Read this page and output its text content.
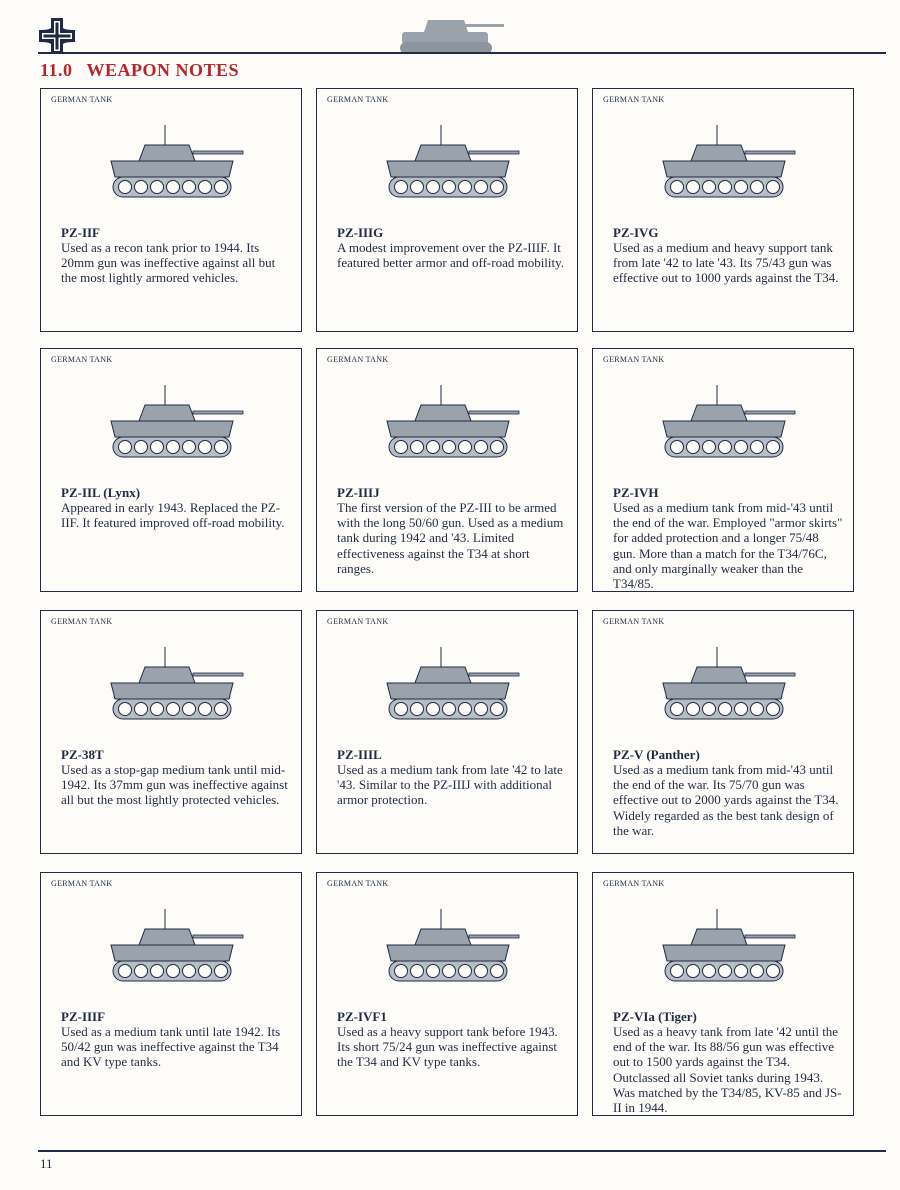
11.0 WEAPON NOTES
GERMAN TANK
PZ-IIF
Used as a recon tank prior to 1944. Its 20mm gun was ineffective against all but the most lightly armored vehicles.
GERMAN TANK
PZ-IIIG
A modest improvement over the PZ-IIIF. It featured better armor and off-road mobility.
GERMAN TANK
PZ-IVG
Used as a medium and heavy support tank from late '42 to late '43. Its 75/43 gun was effective out to 1000 yards against the T34.
GERMAN TANK
PZ-IIL (Lynx)
Appeared in early 1943. Replaced the PZ-IIF. It featured improved off-road mobility.
GERMAN TANK
PZ-IIIJ
The first version of the PZ-III to be armed with the long 50/60 gun. Used as a medium tank during 1942 and '43. Limited effectiveness against the T34 at short ranges.
GERMAN TANK
PZ-IVH
Used as a medium tank from mid-'43 until the end of the war. Employed "armor skirts" for added protection and a longer 75/48 gun. More than a match for the T34/76C, and only marginally weaker than the T34/85.
GERMAN TANK
PZ-38T
Used as a stop-gap medium tank until mid-1942. Its 37mm gun was ineffective against all but the most lightly protected vehicles.
GERMAN TANK
PZ-IIIL
Used as a medium tank from late '42 to late '43. Similar to the PZ-IIIJ with additional armor protection.
GERMAN TANK
PZ-V (Panther)
Used as a medium tank from mid-'43 until the end of the war. Its 75/70 gun was effective out to 2000 yards against the T34. Widely regarded as the best tank design of the war.
GERMAN TANK
PZ-IIIF
Used as a medium tank until late 1942. Its 50/42 gun was ineffective against the T34 and KV type tanks.
GERMAN TANK
PZ-IVF1
Used as a heavy support tank before 1943. Its short 75/24 gun was ineffective against the T34 and KV type tanks.
GERMAN TANK
PZ-VIa (Tiger)
Used as a heavy tank from late '42 until the end of the war. Its 88/56 gun was effective out to 1500 yards against the T34. Outclassed all Soviet tanks during 1943. Was matched by the T34/85, KV-85 and JS-II in 1944.
11
